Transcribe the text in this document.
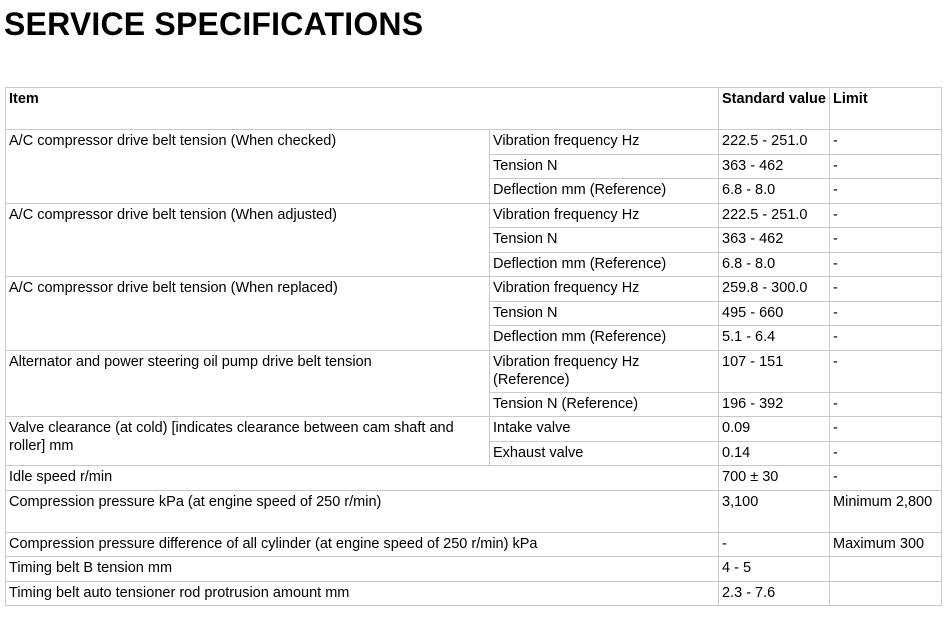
SERVICE SPECIFICATIONS
Item		Standard value	Limit
A/C compressor drive belt tension (When checked)	Vibration frequency Hz	222.5 - 251.0	-
	Tension N	363 - 462	-
	Deflection mm (Reference)	6.8 - 8.0	-
A/C compressor drive belt tension (When adjusted)	Vibration frequency Hz	222.5 - 251.0	-
	Tension N	363 - 462	-
	Deflection mm (Reference)	6.8 - 8.0	-
A/C compressor drive belt tension (When replaced)	Vibration frequency Hz	259.8 - 300.0	-
	Tension N	495 - 660	-
	Deflection mm (Reference)	5.1 - 6.4	-
Alternator and power steering oil pump drive belt tension	Vibration frequency Hz (Reference)	107 - 151	-
	Tension N (Reference)	196 - 392	-
Valve clearance (at cold) [indicates clearance between cam shaft and roller] mm	Intake valve	0.09	-
	Exhaust valve	0.14	-
Idle speed r/min		700 ± 30	-
Compression pressure kPa (at engine speed of 250 r/min)		3,100	Minimum 2,800
Compression pressure difference of all cylinder (at engine speed of 250 r/min) kPa		-	Maximum 300
Timing belt B tension mm		4 - 5	
Timing belt auto tensioner rod protrusion amount mm		2.3 - 7.6	
